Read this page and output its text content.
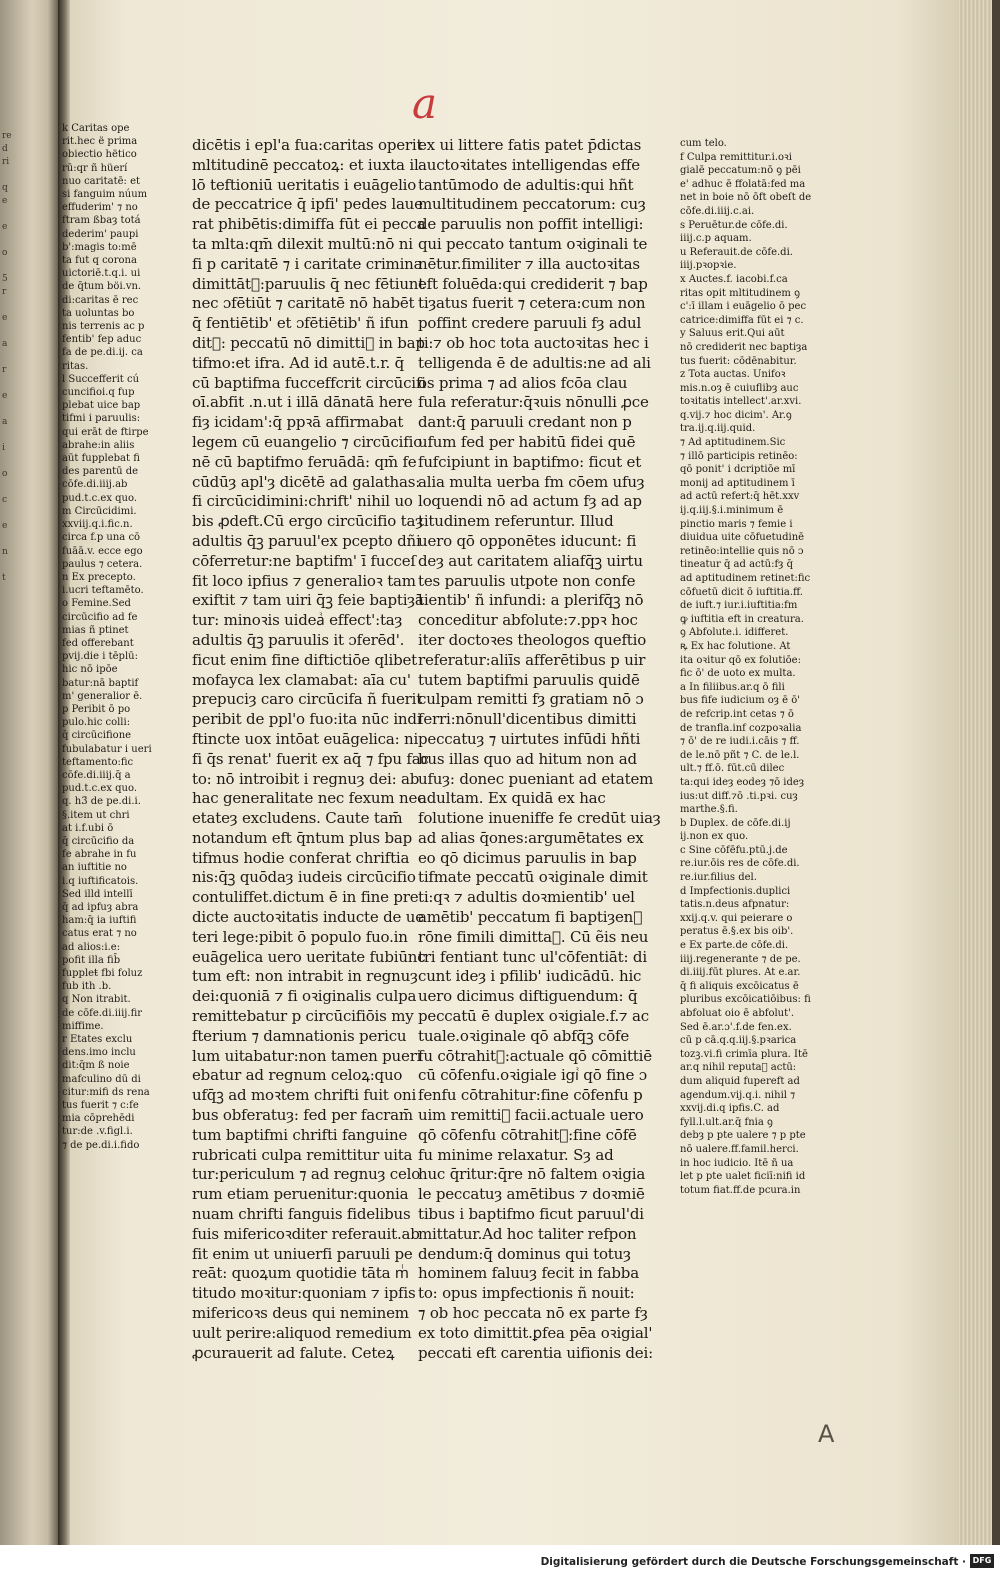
re
d
ri

q
e

e

o

5
r

e

a

r

e

a

i

o

c

e

n

t
a
k Caritas ope
rit.hec ë prima
obiectio hëtico
rū:qr ñ hüerí
nuo caritatē: et
si fanguim núum
effuderim' ⁊ no
ftram ßbaȝ totá
dederim' paupi
b':magis to:mē
ta fut q corona
uictoriē.t.q.i. ui
de q̄tum böi.vn.
di:caritas ē rec
ta uoluntas bo
nis terrenis ac p
fentib' fep aduc
fa de pe.di.ij. ca
ritas.
l Succefferit cú
cuncifioi.q fup
plebat uice bap
tifmi i paruulis:
qui erāt de ftirpe
abrahe:in aliis
aūt fupplebat fi
des parentū de
cōfe.di.iiij.ab
pud.t.c.ex quo.
m Circūcidimi.
xxviij.q.i.fic.n.
circa f.p una cō
fuāā.v. ecce ego
paulus ⁊ cetera.
n Ex precepto.
i.ucri teftamēto.
o Femine.Sed
circūcifio ad fe
mias ñ ptinet
fed offerebant
pvij.die i tēplū:
hic nō ipōe
batur:nā baptif
m' generalior ē.
p Peribit ō po
pulo.hic colli:
q̄ circūcifione
fubulabatur i ueri
teftamento:fic
cōfe.di.iiij.q̄ a
pud.t.c.ex quo.
q. h3̄ de pe.di.i.
§.item ut chri
at i.f.ubi ō
q̄ circūcifio da
fe abrahe in fu
an iuftitie no
i.q iuftificatois.
Sed illd intellī
q̄ ad ipfuȝ abra
ham:q̄ ia iuftifi
catus erat ⁊ no
ad alios:i.e:
pofit illa fib̄
fuppleŧ fbi foluz
fub ith .b.
q Non itrabit.
de cōfe.di.iiij.fir
miffime.
r Etates exclu
dens.imo inclu
dit:q̄m ß noie
mafculino dū di
citur:mifi ds rena
tus fuerit ⁊ c:fe
mia cōprehēdi
tur:de .v.figl.i.
⁊ de pe.di.i.fido
dicētis i epl'a fua:caritas operit
mltitudinē peccatoꝝ: et iuxta il
lō teftioniū ueritatis i euāgelio
de peccatrice q̄ ipfi' pedes laue
rat phibētis:dimiffa fūt ei pecca
ta mlta:qm̄ dilexit multū:nō ni
fi p caritatē ⁊ i caritate crimina
dimittātᷣ:paruulis q̄ nec fētiunt
nec ɔfētiūt ⁊ caritatē nō habēt
q̄ fentiētib' et ɔfētiētib' ñ ifun
ditᷣ: peccatū nō dimittiᷣ in bap
tifmo:et ifra. Ad id autē.t.r. q̄
cū baptifma fucceffcrit circūcifi
oī.abfit .n.ut i illā dānatā here
fiȝ icidam':q̄ ppꝛā affirmabat
legem cū euangelio ⁊ circūcifio
nē cū baptifmo feruādā: qm̄ fe
cūdūȝ apl'ȝ dicētē ad galathas:
fi circūcidimini:chrift' nihil uo
bis ꝓdeft.Cū ergo circūcifio taȝ
adultis q̄ꝫ paruul'ex pcepto dñi
cōferretur:ne baptifm' ī fucceſ
fit loco ipfius ⁊ generalioꝛ tam
exiftit ⁊ tam uiri q̄ꝫ feie baptiȝā
tur: minoꝛis uideaᷣ effect':taȝ
adultis q̄ꝫ paruulis it ɔferēd'.
ficut enim fine diftictiōe qlibet
mofayca lex clamabat: aīa cu'
prepuciȝ caro circūcifa ñ fuerit
peribit de ppl'o fuo:ita nūc indi
ftincte uox intōat euāgelica: ni
fi q̄s renat' fuerit ex aq̄ ⁊ fpu fac
to: nō introibit i regnuȝ dei: ab
hac generalitate nec fexum nec
etateȝ excludens. Caute tam̄
notandum eft q̄ntum plus bap
tifmus hodie conferat chriftia
nis:q̄ꝫ quōdaȝ iudeis circūcifio
contuliffet.dictum ē in fine pre
dicte auctoꝛitatis inducte de ue
teri lege:pibit ō populo fuo.in
euāgelica uero ueritate fubiūnc
tum eft: non intrabit in regnuȝ
dei:quoniā ⁊ fi oꝛiginalis culpa
remittebatur p circūcifiōis my
fterium ⁊ damnationis pericu
lum uitabatur:non tamen pueri
ebatur ad regnum celoꝝ:quo
ufq̄ꝫ ad moꝛtem chrifti fuit oni
bus obferatuȝ: fed per facram̄
tum baptifmi chrifti fanguine
rubricati culpa remittitur uita
tur:periculum ⁊ ad regnuȝ celo
rum etiam peruenitur:quonia
nuam chrifti fanguis fidelibus
fuis mifericoꝛditer referauit.ab
fit enim ut uniuerfi paruuli pe
reāt: quoꝝum quotidie tāta mᷝ
titudo moꝛitur:quoniam ⁊ ipfis
mifericoꝛs deus qui neminem
uult perire:aliquod remedium
ꝓcurauerit ad falute. Ceteꝝ
ex ui littere fatis patet p̄dictas
auctoꝛitates intelligendas effe
tantūmodo de adultis:qui hñt
multitudinem peccatorum: cuȝ
de paruulis non poffit intelligi:
qui peccato tantum oꝛiginali te
nētur.fimiliter ⁊ illa auctoꝛitas
eft foluēda:qui crediderit ⁊ bap
tiȝatus fuerit ⁊ cetera:cum non
poffint credere paruuli fȝ adul
ti:⁊ ob hoc tota auctoꝛitas hec i
telligenda ē de adultis:ne ad ali
os prima ⁊ ad alios fcōa clau
fula referatur:q̄ꝛuis nōnulli ꝓce
dant:q̄ paruuli credant non p
ufum fed per habitū fidei quē
fufcipiunt in baptifmo: ficut et
alia multa uerba fm cōem ufuȝ
loquendi nō ad actum fȝ ad ap
titudinem referuntur. Illud
uero qō opponētes iducunt: fi
deȝ aut caritatem aliafq̄ꝫ uirtu
tes paruulis utpote non confe
tientib' ñ infundi: a plerifq̄ꝫ nō
conceditur abfolute:⁊.ppꝛ hoc
iter doctoꝛes theologos queftio
referatur:aliīs afferētibus p uir
tutem baptifmi paruulis quidē
culpam remitti fȝ gratiam nō ɔ
ferri:nōnull'dicentibus dimitti
peccatuȝ ⁊ uirtutes infūdi hñti
bus illas quo ad hitum non ad
ufuȝ: donec pueniant ad etatem
adultam. Ex quidā ex hac
folutione inueniffe fe credūt uiaȝ
ad alias q̄ones:argumētates ex
eo qō dicimus paruulis in bap
tifmate peccatū oꝛiginale dimit
ti:qꝛ ⁊ adultis doꝛmientib' uel
amētib' peccatum fi baptiȝenᷣ
rōne fimili dimittaᷣ. Cū ẽis neu
tri fentiant tunc ul'cōfentiāt: di
cunt ideȝ i pfilib' iudicādū. hic
uero dicimus diftiguendum: q̄
peccatū ē duplex oꝛigiale.f.⁊ ac
tuale.oꝛiginale qō abfq̄ꝫ cōfe
fu cōtrahitᷣ:actuale qō cōmittiē
cū cōfenfu.oꝛigiale igiᷣ qō fine ɔ
fenfu cōtrahitur:fine cōfenfu p
uim remittiᷣ facii.actuale uero
qō cōfenfu cōtrahitᷣ:fine cōfē
fu minime relaxatur. Sȝ ad
huc q̄ritur:q̄re nō faltem oꝛigia
le peccatuȝ amētibus ⁊ doꝛmiē
tibus i baptifmo ficut paruul'di
mittatur.Ad hoc taliter refpon
dendum:q̄ dominus qui totuȝ
hominem faluuȝ fecit in fabba
to: opus impfectionis ñ nouit:
⁊ ob hoc peccata nō ex parte fȝ
ex toto dimittit.ꝑfea pēa oꝛigial'
peccati eft carentia uifionis dei:
cum telo.
f Culpa remittitur.i.oꝛi
gialē peccatum:nō ꝯ pēi
e' adhuc ē ffolatā:fed ma
net in boie nō ōft obeſt de
cōfe.di.iiij.c.ai.
s Peruētur.de cōfe.di.
iiij.c.p aquam.
u Referauit.de cōfe.di.
iiij.pꝛopꝛie.
x Auctes.f. iacobi.f.ca
ritas opit mltitudinem ꝯ
c':ī illam i euāgelio ō pec
catrice:dimiffa fūt ei ⁊ c.
y Saluus erit.Qui aūt
nō crediderit nec baptiȝa
tus fuerit: cōdēnabitur.
z Tota auctas. Unifoꝛ
mis.n.oȝ ē cuiuflibȝ auc
toꝛitatis intellect'.ar.xvi.
q.vij.⁊ hoc dicim'. Ar.ꝯ
tra.ij.q.iij.quid.
⁊ Ad aptitudinem.Sic
⁊ illō participis retinēo:
qō ponit' i dcriptiōe mī
monij ad aptitudinem ī
ad actū refert:q̄ hēt.xxv
ij.q.iij.§.i.minimum ē
pinctio maris ⁊ femie i
diuidua uite cōfuetudinē
retinēo:intellie quis nō ɔ
tineatur q̄ ad actū:fȝ q̄
ad aptitudinem retinet:fic
cōfuetū dicit ō iuftitia.ff.
de iuft.⁊ iur.i.iuftitia:fm
ꝙ iuftitia eft in creatura.
ꝯ Abfolute.i. idifferet.
ꝶ Ex hac folutione. At
ita oꝛitur qō ex folutiōe:
fic ō' de uoto ex multa.
a In filiibus.ar.q ō fili
bus fife iudicium oȝ ē ō'
de refcrip.int cetas ⁊ ō
de tranfla.inf cozpoꝛalia
⁊ ō' de re iudi.i.cāis ⁊ ff.
de le.nō pñt ⁊ C. de le.l.
ult.⁊ ff.ō. fūt.cū dilec
ta:qui ideȝ eodeȝ ⁊ō ideȝ
ius:ut diff.⁊ō .ti.pꝛi. cuȝ
marthe.§.fi.
b Duplex. de cōfe.di.ij
ij.non ex quo.
c Sine cōfēfu.ptū.j.de
re.iur.ōis res de cōfe.di.
re.iur.filius del.
d Impfectionis.duplici
tatis.n.deus afpnatur:
xxij.q.v. qui peierare o
peratus ē.§.ex bis oib'.
e Ex parte.de cōfe.di.
iiij.regenerante ⁊ de pe.
di.iiij.fūt plures. At e.ar.
q̄ fi aliquis excōicatus ē
pluribus excōicatiōibus: fi
abfoluat oio ē abfolut'.
Sed ē.ar.ɔ'.f.de fen.ex.
cū p cā.q.q.iij.§.pꝛarica
tozꝫ.vi.fi crimīa plura. Itē
ar.q nihil reputaᷣ actū:
dum aliquid fupereft ad
agendum.vij.q.i. nihil ⁊
xxvij.di.q ipfis.C. ad
fyll.l.ult.ar.q̄ fnia ꝯ
debȝ p pte ualere ⁊ p pte
nō ualere.ff.famil.herci.
in hoc iudicio. Itē ñ ua
let p pte ualet ficiī:nifi id
totum fiat.ff.de pcura.in
A
Digitalisierung gefördert durch die Deutsche Forschungsgemeinschaft · DFG
